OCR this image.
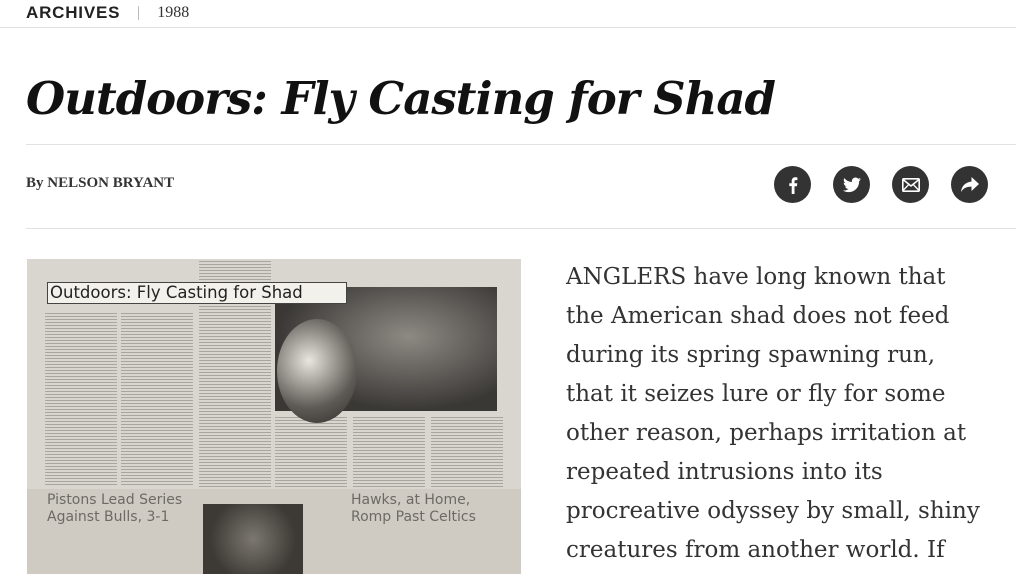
ARCHIVES 1988
Outdoors: Fly Casting for Shad
By NELSON BRYANT
Outdoors: Fly Casting for Shad
Pistons Lead Series Against Bulls, 3-1
Hawks, at Home, Romp Past Celtics

ANGLERS have long known that
the American shad does not feed
during its spring spawning run,
that it seizes lure or fly for some
other reason, perhaps irritation at
repeated intrusions into its
procreative odyssey by small, shiny
creatures from another world. If
